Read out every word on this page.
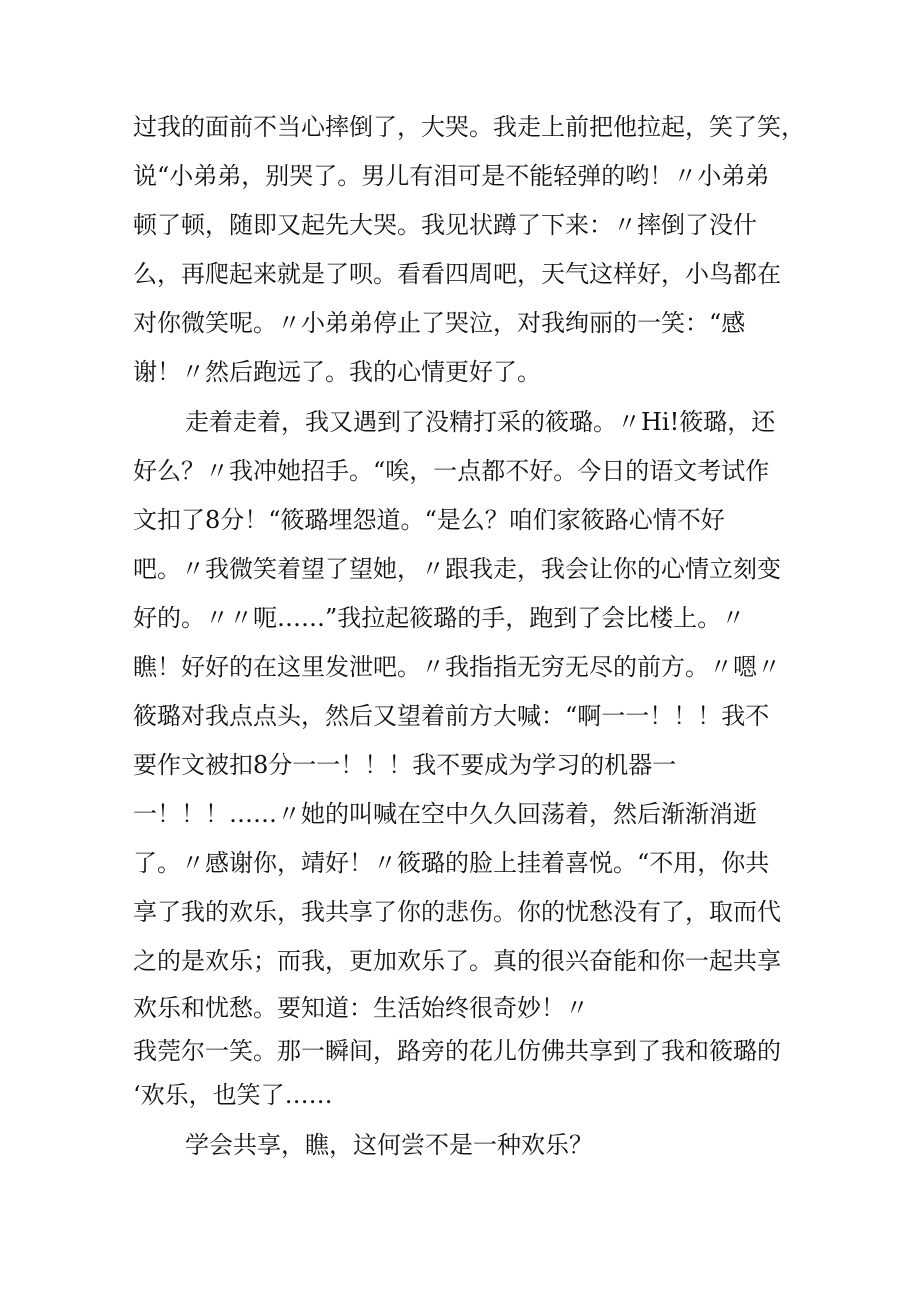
过我的面前不当心摔倒了，大哭。我走上前把他拉起，笑了笑，
说“小弟弟，别哭了。男儿有泪可是不能轻弹的哟！〃小弟弟
顿了顿，随即又起先大哭。我见状蹲了下来：〃摔倒了没什
么，再爬起来就是了呗。看看四周吧，天气这样好，小鸟都在
对你微笑呢。〃小弟弟停止了哭泣，对我绚丽的一笑：“感
谢！〃然后跑远了。我的心情更好了。
走着走着，我又遇到了没精打采的筱璐。〃Hi!筱璐，还
好么？〃我冲她招手。“唉，一点都不好。今日的语文考试作
文扣了8分！“筱璐埋怨道。“是么？咱们家筱路心情不好
吧。〃我微笑着望了望她，〃跟我走，我会让你的心情立刻变
好的。〃〃呃……”我拉起筱璐的手，跑到了会比楼上。〃
瞧！好好的在这里发泄吧。〃我指指无穷无尽的前方。〃嗯〃
筱璐对我点点头，然后又望着前方大喊：“啊一一！！！我不
要作文被扣8分一一！！！我不要成为学习的机器一
一！！！……〃她的叫喊在空中久久回荡着，然后渐渐消逝
了。〃感谢你，靖好！〃筱璐的脸上挂着喜悦。“不用，你共
享了我的欢乐，我共享了你的悲伤。你的忧愁没有了，取而代
之的是欢乐；而我，更加欢乐了。真的很兴奋能和你一起共享
欢乐和忧愁。要知道：生活始终很奇妙！〃
我莞尔一笑。那一瞬间，路旁的花儿仿佛共享到了我和筱璐的
‘欢乐，也笑了……
学会共享，瞧，这何尝不是一种欢乐？
